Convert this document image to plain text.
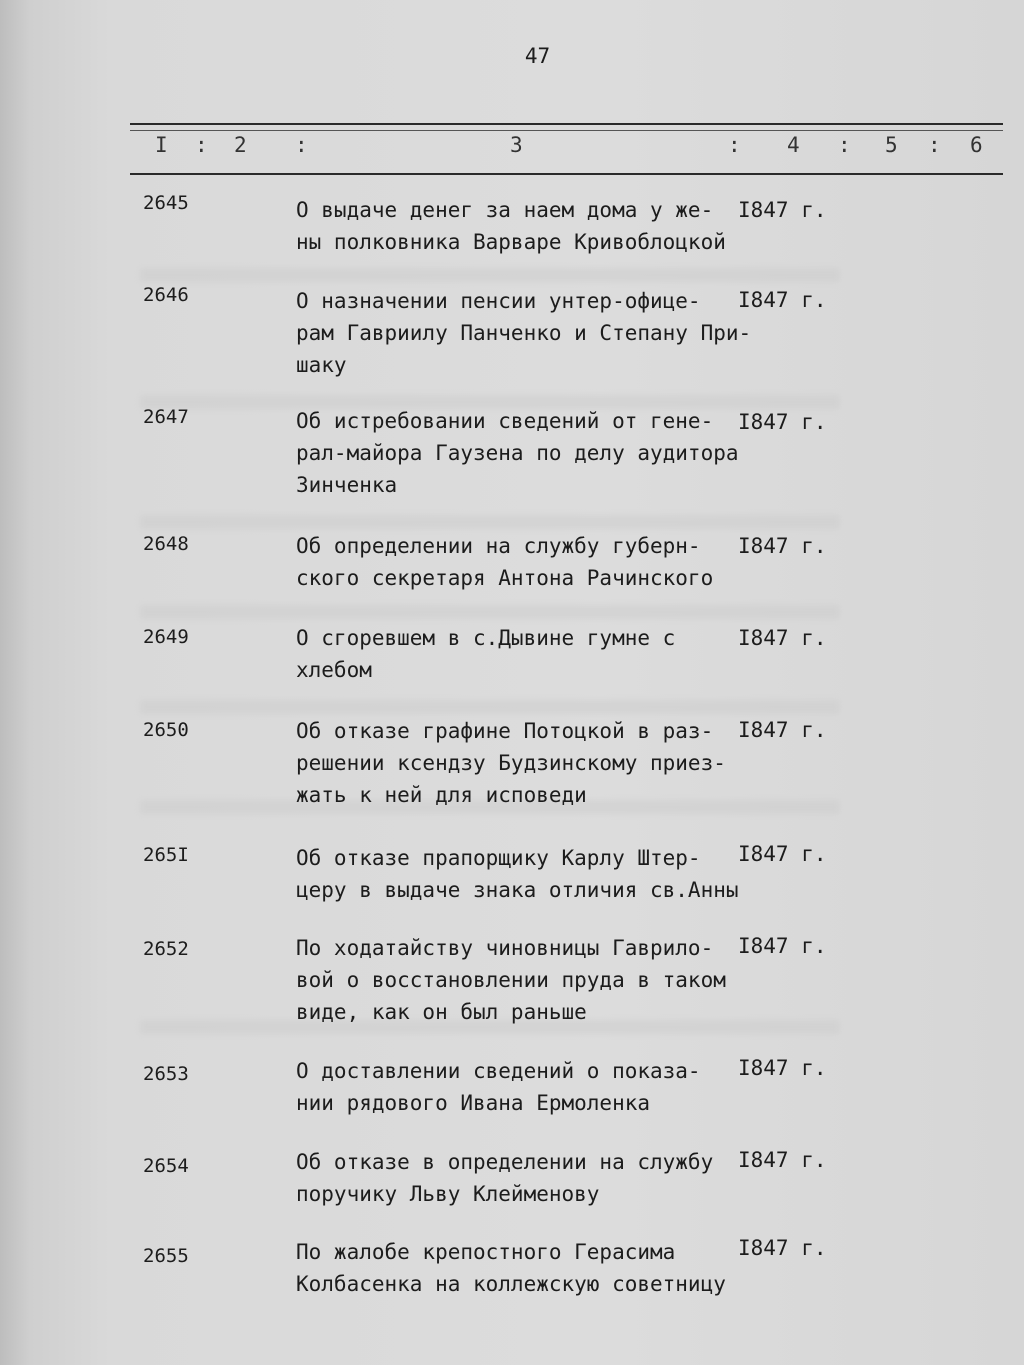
47
I : 2 :	3	: 4 : 5 : 6
2645	О выдаче денег за наем дома у же-
ны полковника Варваре Кривоблоцкой
I847 г.
2646	О назначении пенсии унтер-офице-
рам Гавриилу Панченко и Степану При-
шаку
I847 г.
2647	Об истребовании сведений от гене-
рал-майора Гаузена по делу аудитора
Зинченка
I847 г.
2648	Об определении на службу губерн-
ского секретаря Антона Рачинского
I847 г.
2649	О сгоревшем в с.Дывине гумне с
хлебом
I847 г.
2650	Об отказе графине Потоцкой в раз-
решении ксендзу Будзинскому приез-
жать к ней для исповеди
I847 г.
265I	Об отказе прапорщику Карлу Штер-
церу в выдаче знака отличия св.Анны
I847 г.
2652	По ходатайству чиновницы Гаврило-
вой о восстановлении пруда в таком
виде, как он был раньше
I847 г.
2653	О доставлении сведений о показа-
нии рядового Ивана Ермоленка
I847 г.
2654	Об отказе в определении на службу
поручику Льву Клейменову
I847 г.
2655	По жалобе крепостного Герасима
Колбасенка на коллежскую советницу
I847 г.
